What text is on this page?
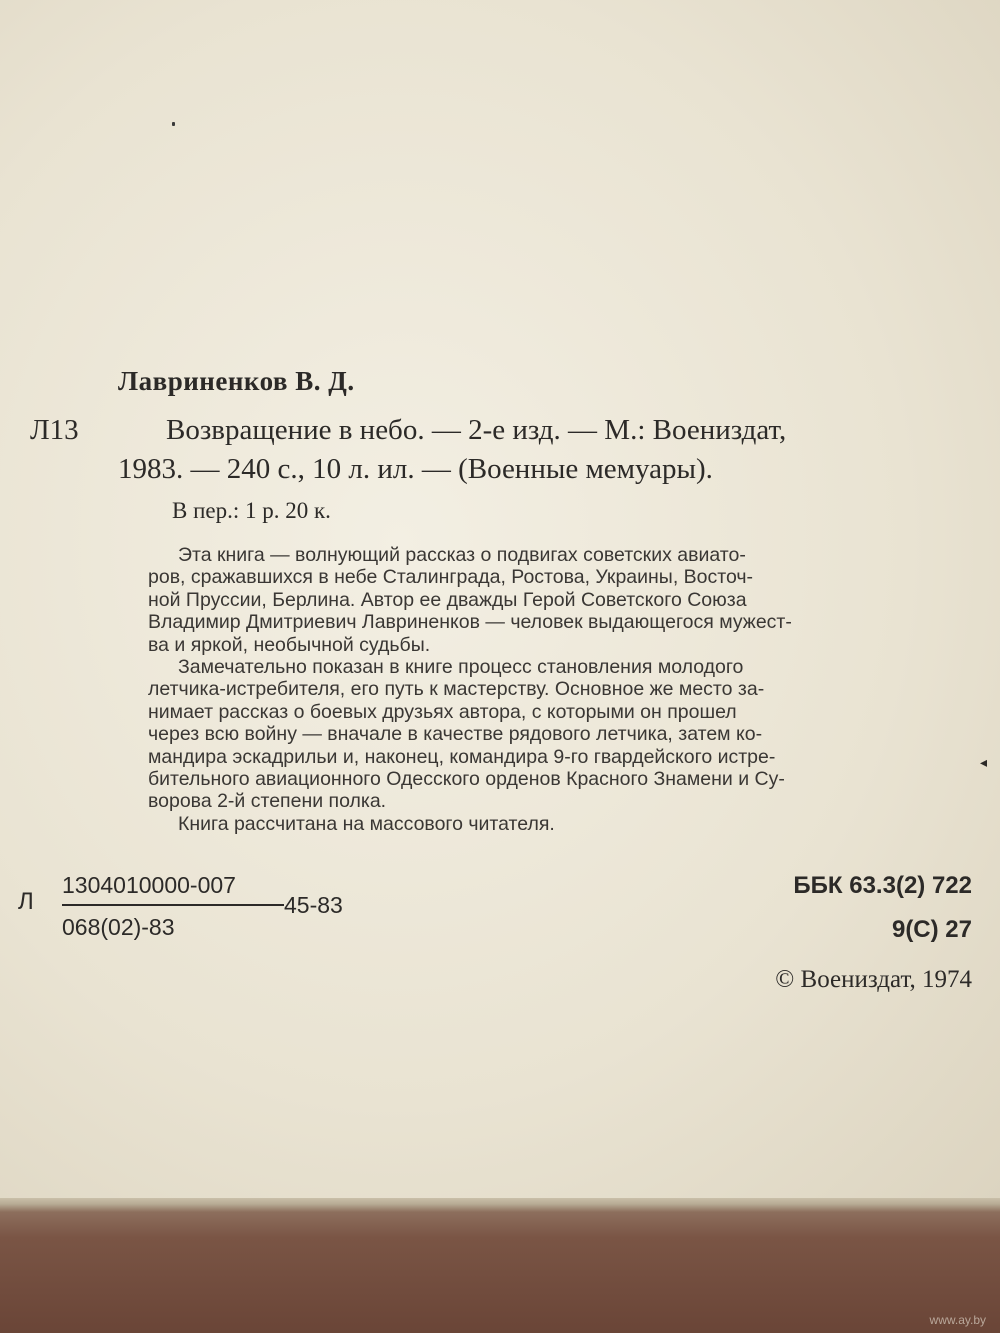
Лавриненков В. Д.
Л13	Возвращение в небо. — 2-е изд. — М.: Воениздат,
1983. — 240 с., 10 л. ил. — (Военные мемуары).
В пер.: 1 р. 20 к.
Эта книга — волнующий рассказ о подвигах советских авиато-
ров, сражавшихся в небе Сталинграда, Ростова, Украины, Восточ-
ной Пруссии, Берлина. Автор ее дважды Герой Советского Союза
Владимир Дмитриевич Лавриненков — человек выдающегося мужест-
ва и яркой, необычной судьбы.
Замечательно показан в книге процесс становления молодого
летчика-истребителя, его путь к мастерству. Основное же место за-
нимает рассказ о боевых друзьях автора, с которыми он прошел
через всю войну — вначале в качестве рядового летчика, затем ко-
мандира эскадрильи и, наконец, командира 9-го гвардейского истре-
бительного авиационного Одесского орденов Красного Знамени и Су-
ворова 2-й степени полка.
Книга рассчитана на массового читателя.
Л
1304010000-007
45-83
068(02)-83
ББК 63.3(2) 722
9(С) 27
© Воениздат, 1974
◂
www.ay.by
